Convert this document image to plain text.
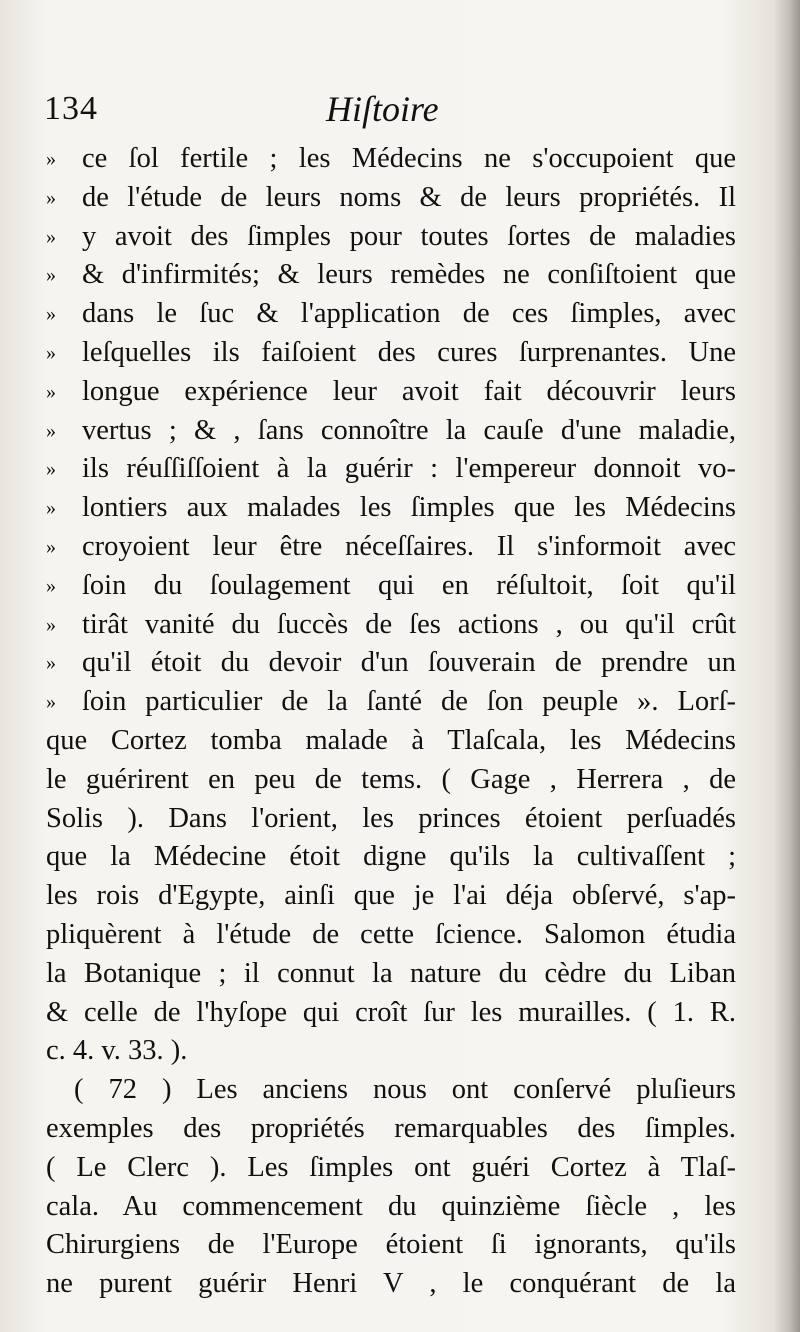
134	Hiſtoire
» ce ſol fertile ; les Médecins ne s'occupoient que
» de l'étude de leurs noms & de leurs propriétés. Il
» y avoit des ſimples pour toutes ſortes de maladies
» & d'infirmités; & leurs remèdes ne conſiſtoient que
» dans le ſuc & l'application de ces ſimples, avec
» leſquelles ils faiſoient des cures ſurprenantes. Une
» longue expérience leur avoit fait découvrir leurs
» vertus ; & , ſans connoître la cauſe d'une maladie,
» ils réuſſiſſoient à la guérir : l'empereur donnoit vo-
» lontiers aux malades les ſimples que les Médecins
» croyoient leur être néceſſaires. Il s'informoit avec
» ſoin du ſoulagement qui en réſultoit, ſoit qu'il
» tirât vanité du ſuccès de ſes actions , ou qu'il crût
» qu'il étoit du devoir d'un ſouverain de prendre un
» ſoin particulier de la ſanté de ſon peuple ». Lorſ-
que Cortez tomba malade à Tlaſcala, les Médecins
le guérirent en peu de tems. ( Gage , Herrera , de
Solis ). Dans l'orient, les princes étoient perſuadés
que la Médecine étoit digne qu'ils la cultivaſſent ;
les rois d'Egypte, ainſi que je l'ai déja obſervé, s'ap-
pliquèrent à l'étude de cette ſcience. Salomon étudia
la Botanique ; il connut la nature du cèdre du Liban
& celle de l'hyſope qui croît ſur les murailles. ( 1. R.
c. 4. v. 33. ).
( 72 ) Les anciens nous ont conſervé pluſieurs
exemples des propriétés remarquables des ſimples.
( Le Clerc ). Les ſimples ont guéri Cortez à Tlaſ-
cala. Au commencement du quinzième ſiècle , les
Chirurgiens de l'Europe étoient ſi ignorants, qu'ils
ne purent guérir Henri V , le conquérant de la
